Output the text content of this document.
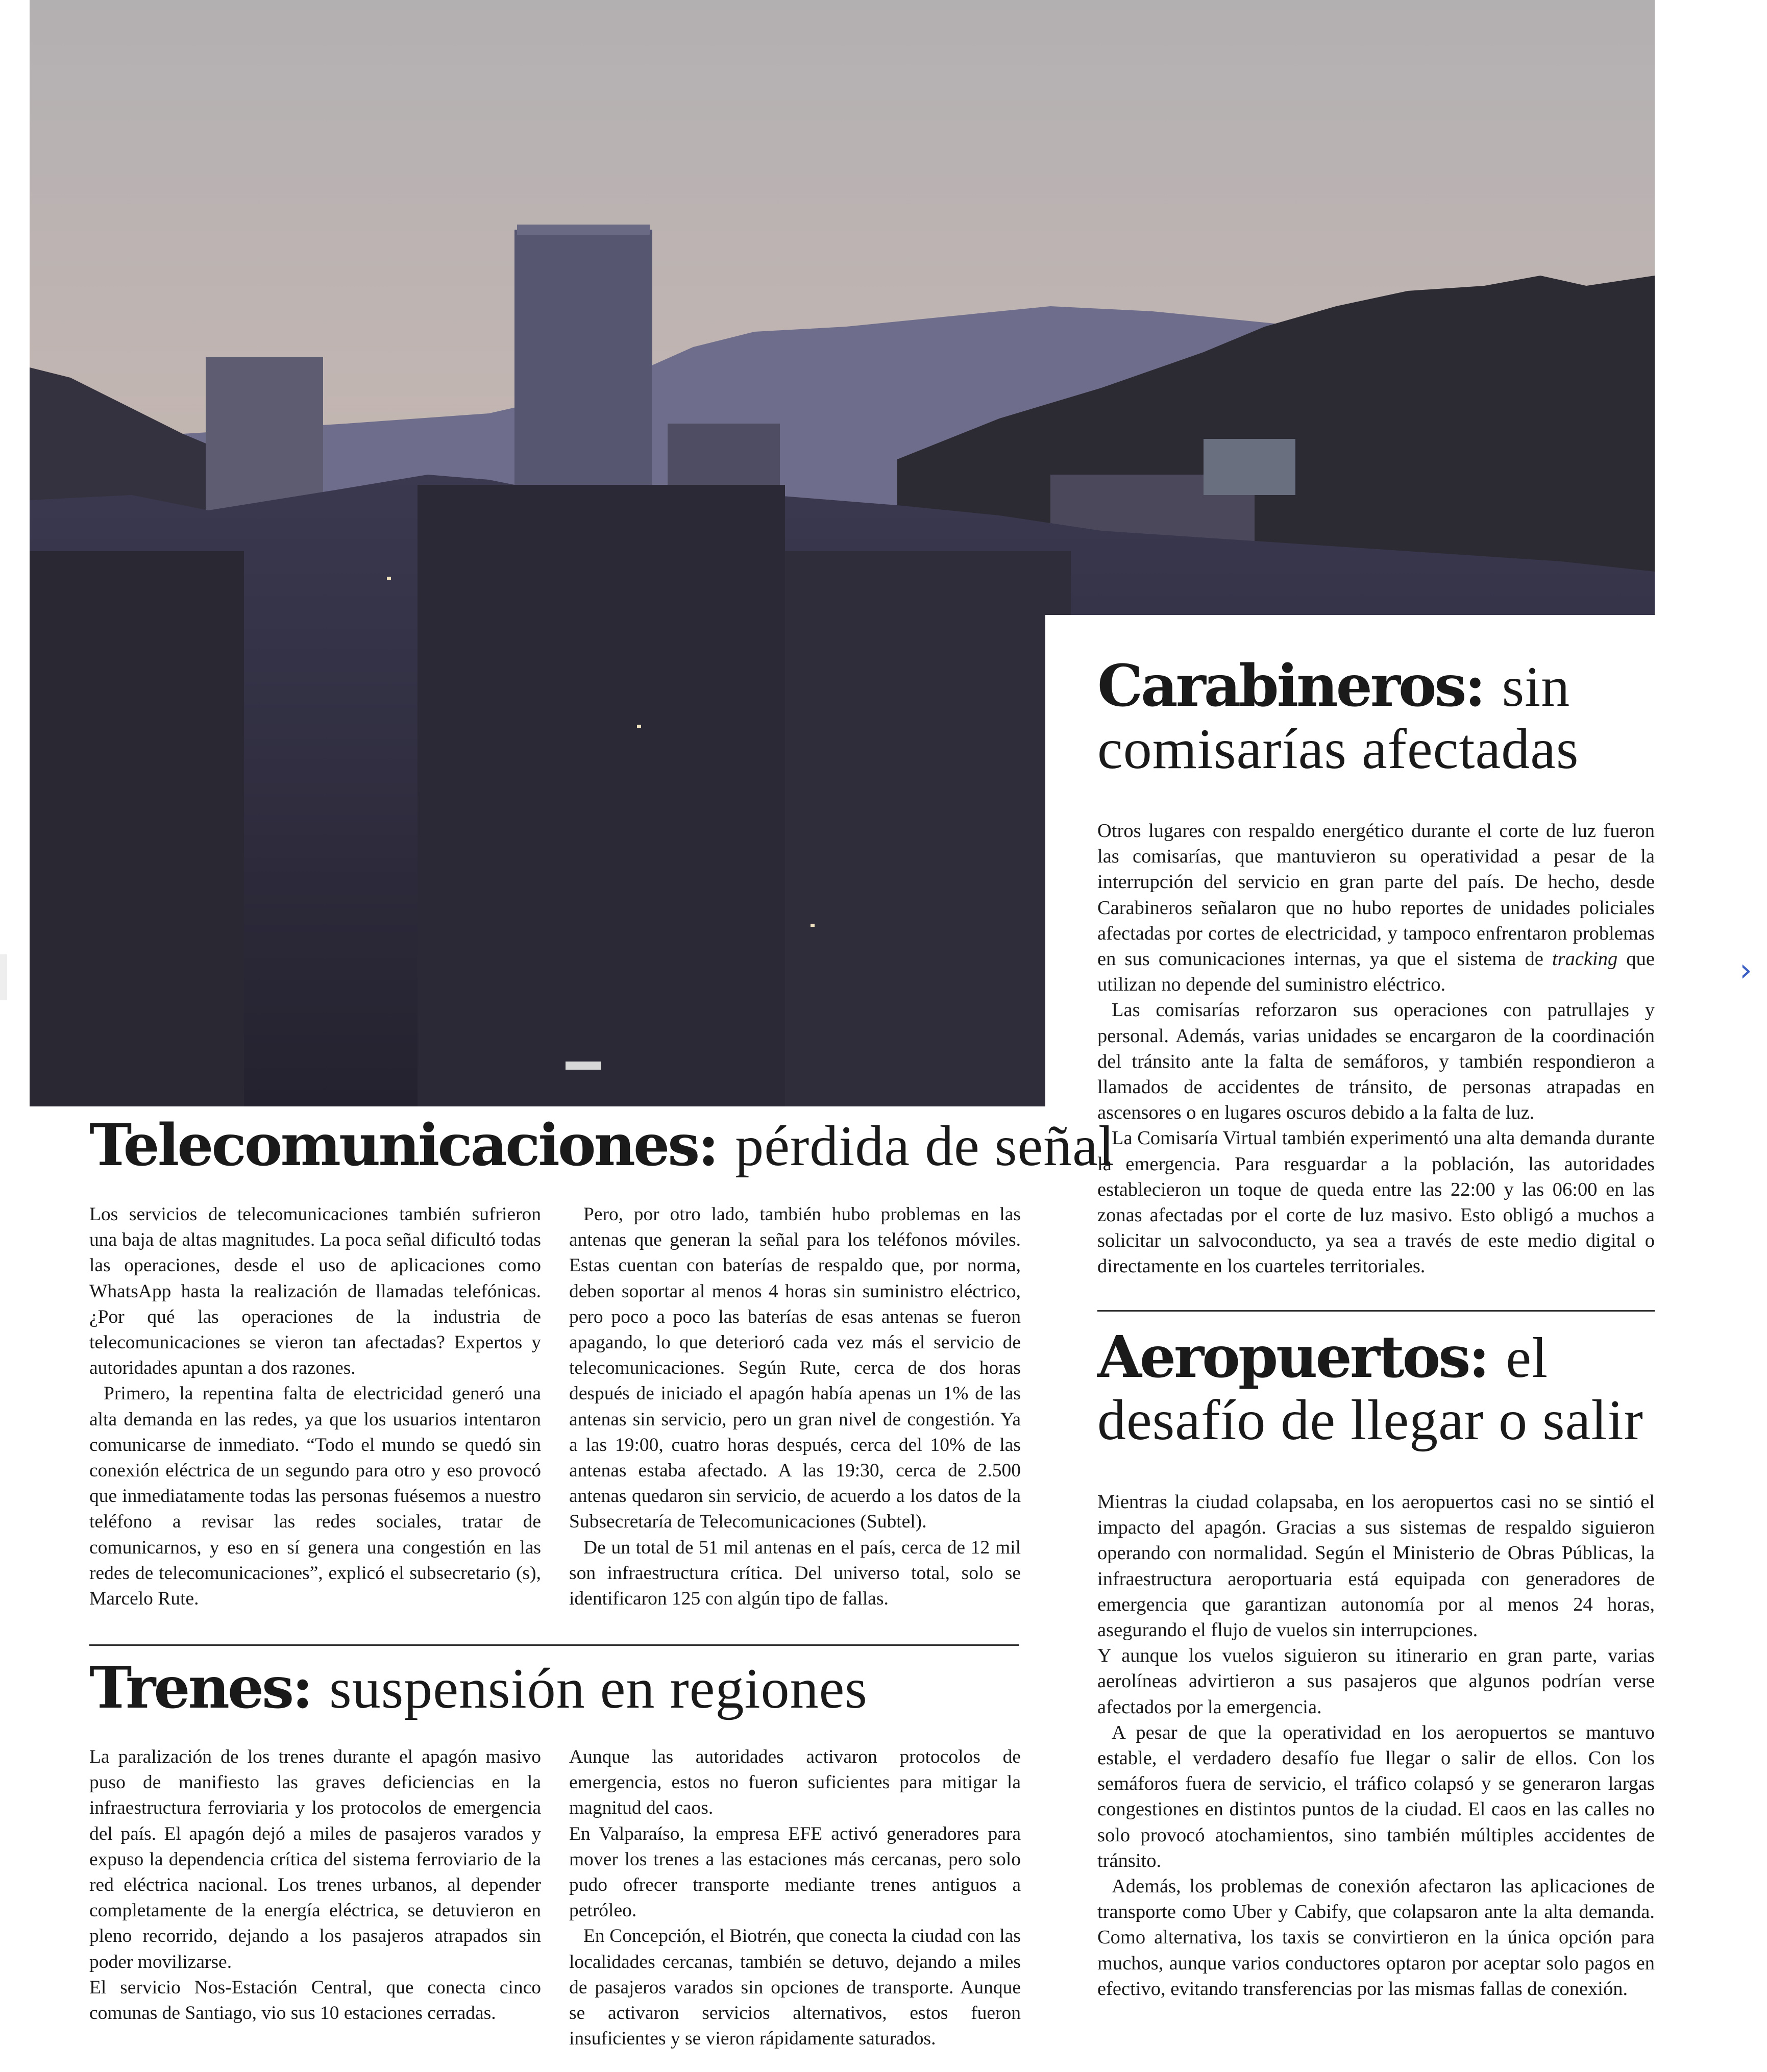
›
Telecomunicaciones: pérdida de señal

Los servicios de telecomunicaciones también sufrieron una baja de altas magnitudes. La poca señal dificultó todas las operaciones, desde el uso de aplicaciones como WhatsApp hasta la realización de llamadas telefónicas. ¿Por qué las operaciones de la industria de telecomunicaciones se vieron tan afectadas? Expertos y autoridades apuntan a dos razones.

Primero, la repentina falta de electricidad generó una alta demanda en las redes, ya que los usuarios intentaron comunicarse de inmediato. “Todo el mundo se quedó sin conexión eléctrica de un segundo para otro y eso provocó que inmediatamente todas las personas fuésemos a nuestro teléfono a revisar las redes sociales, tratar de comunicarnos, y eso en sí genera una congestión en las redes de telecomunicaciones”, explicó el subsecretario (s), Marcelo Rute.

Pero, por otro lado, también hubo problemas en las antenas que generan la señal para los teléfonos móviles. Estas cuentan con baterías de respaldo que, por norma, deben soportar al menos 4 horas sin suministro eléctrico, pero poco a poco las baterías de esas antenas se fueron apagando, lo que deterioró cada vez más el servicio de telecomunicaciones. Según Rute, cerca de dos horas después de iniciado el apagón había apenas un 1% de las antenas sin servicio, pero un gran nivel de congestión. Ya a las 19:00, cuatro horas después, cerca del 10% de las antenas estaba afectado. A las 19:30, cerca de 2.500 antenas quedaron sin servicio, de acuerdo a los datos de la Subsecretaría de Telecomunicaciones (Subtel).

De un total de 51 mil antenas en el país, cerca de 12 mil son infraestructura crítica. Del universo total, solo se identificaron 125 con algún tipo de fallas.

Trenes: suspensión en regiones

La paralización de los trenes durante el apagón masivo puso de manifiesto las graves deficiencias en la infraestructura ferroviaria y los protocolos de emergencia del país. El apagón dejó a miles de pasajeros varados y expuso la dependencia crítica del sistema ferroviario de la red eléctrica nacional. Los trenes urbanos, al depender completamente de la energía eléctrica, se detuvieron en pleno recorrido, dejando a los pasajeros atrapados sin poder movilizarse.

El servicio Nos-Estación Central, que conecta cinco comunas de Santiago, vio sus 10 estaciones cerradas.

Aunque las autoridades activaron protocolos de emergencia, estos no fueron suficientes para mitigar la magnitud del caos.

En Valparaíso, la empresa EFE activó generadores para mover los trenes a las estaciones más cercanas, pero solo pudo ofrecer transporte mediante trenes antiguos a petróleo.

En Concepción, el Biotrén, que conecta la ciudad con las localidades cercanas, también se detuvo, dejando a miles de pasajeros varados sin opciones de transporte. Aunque se activaron servicios alternativos, estos fueron insuficientes y se vieron rápidamente saturados.

Carabineros: sin comisarías afectadas

Otros lugares con respaldo energético durante el corte de luz fueron las comisarías, que mantuvieron su operatividad a pesar de la interrupción del servicio en gran parte del país. De hecho, desde Carabineros señalaron que no hubo reportes de unidades policiales afectadas por cortes de electricidad, y tampoco enfrentaron problemas en sus comunicaciones internas, ya que el sistema de tracking que utilizan no depende del suministro eléctrico.

Las comisarías reforzaron sus operaciones con patrullajes y personal. Además, varias unidades se encargaron de la coordinación del tránsito ante la falta de semáforos, y también respondieron a llamados de accidentes de tránsito, de personas atrapadas en ascensores o en lugares oscuros debido a la falta de luz.

La Comisaría Virtual también experimentó una alta demanda durante la emergencia. Para resguardar a la población, las autoridades establecieron un toque de queda entre las 22:00 y las 06:00 en las zonas afectadas por el corte de luz masivo. Esto obligó a muchos a solicitar un salvoconducto, ya sea a través de este medio digital o directamente en los cuarteles territoriales.

Aeropuertos: el desafío de llegar o salir

Mientras la ciudad colapsaba, en los aeropuertos casi no se sintió el impacto del apagón. Gracias a sus sistemas de respaldo siguieron operando con normalidad. Según el Ministerio de Obras Públicas, la infraestructura aeroportuaria está equipada con generadores de emergencia que garantizan autonomía por al menos 24 horas, asegurando el flujo de vuelos sin interrupciones.

Y aunque los vuelos siguieron su itinerario en gran parte, varias aerolíneas advirtieron a sus pasajeros que algunos podrían verse afectados por la emergencia.

A pesar de que la operatividad en los aeropuertos se mantuvo estable, el verdadero desafío fue llegar o salir de ellos. Con los semáforos fuera de servicio, el tráfico colapsó y se generaron largas congestiones en distintos puntos de la ciudad. El caos en las calles no solo provocó atochamientos, sino también múltiples accidentes de tránsito.

Además, los problemas de conexión afectaron las aplicaciones de transporte como Uber y Cabify, que colapsaron ante la alta demanda. Como alternativa, los taxis se convirtieron en la única opción para muchos, aunque varios conductores optaron por aceptar solo pagos en efectivo, evitando transferencias por las mismas fallas de conexión.
